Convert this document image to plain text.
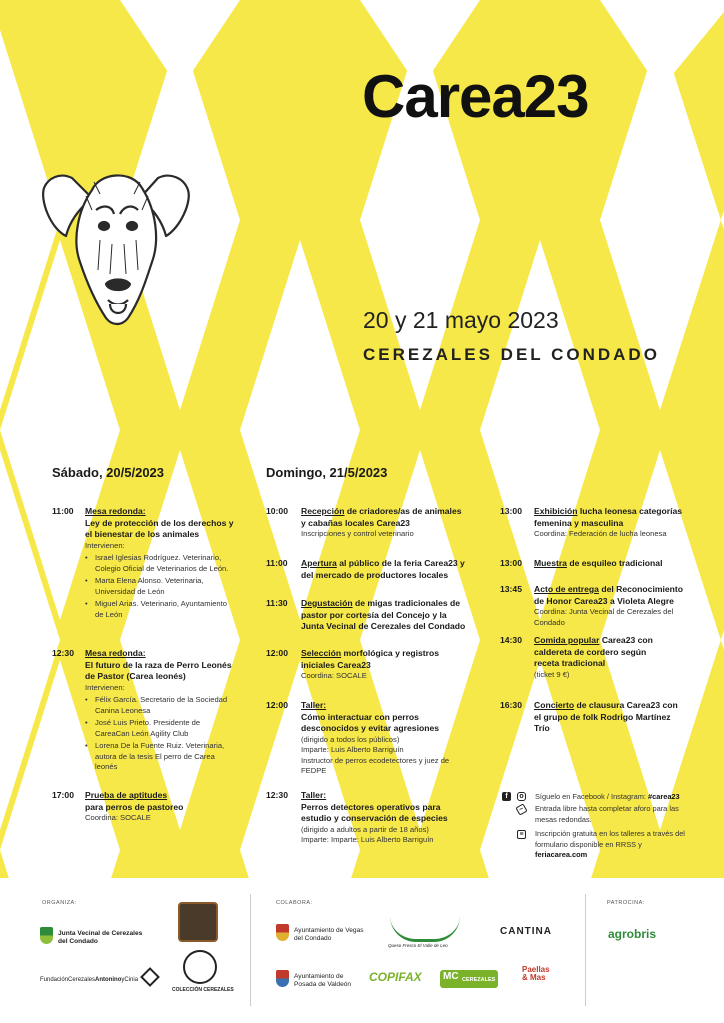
Carea23
20 y 21 mayo 2023
CEREZALES DEL CONDADO
Sábado, 20/5/2023	Domingo, 21/5/2023
11:00 Mesa redonda:
Ley de protección de los derechos y el bienestar de los animales
Intervienen:
• Israel Iglesias Rodríguez. Veterinario, Colegio Oficial de Veterinarios de León.
• Marta Elena Alonso. Veterinaria, Universidad de León
• Miguel Arias. Veterinario, Ayuntamiento de León
12:30 Mesa redonda:
El futuro de la raza de Perro Leonés de Pastor (Carea leonés)
Intervienen:
• Félix García. Secretario de la Sociedad Canina Leonesa
• José Luis Prieto. Presidente de CareaCan León Agility Club
• Lorena De la Fuente Ruiz. Veterinaria, autora de la tesis El perro de Carea leonés
17:00 Prueba de aptitudes
para perros de pastoreo
Coordina: SOCALE
10:00 Recepción de criadores/as de animales y cabañas locales Carea23
Inscripciones y control veterinario
11:00 Apertura al público de la feria Carea23 y del mercado de productores locales
11:30 Degustación de migas tradicionales de pastor por cortesía del Concejo y la Junta Vecinal de Cerezales del Condado
12:00 Selección morfológica y registros iniciales Carea23
Coordina: SOCALE
12:00 Taller:
Cómo interactuar con perros desconocidos y evitar agresiones
(dirigido a todos los públicos)
Imparte: Luis Alberto Barriguín
Instructor de perros ecodetectores y juez de FEDPE
12:30 Taller:
Perros detectores operativos para estudio y conservación de especies
(dirigido a adultos a partir de 18 años)
Imparte: Imparte: Luis Alberto Barriguín
13:00 Exhibición lucha leonesa categorías femenina y masculina
Coordina: Federación de lucha leonesa
13:00 Muestra de esquileo tradicional
13:45 Acto de entrega del Reconocimiento de Honor Carea23 a Violeta Alegre
Coordina: Junta Vecinal de Cerezales del Condado
14:30 Comida popular Carea23 con caldereta de cordero según receta tradicional
(ticket 9 €)
16:30 Concierto de clausura Carea23 con el grupo de folk Rodrigo Martínez Trío
f	o	Síguelo en Facebook / Instagram: #carea23
~	Entrada libre hasta completar aforo para las mesas redondas.
≡	Inscripción gratuita en los talleres a través del formulario disponible en RRSS y feriacarea.com
ORGANIZA:	COLABORA:	PATROCINA:
Junta Vecinal de Cerezales del Condado
FundaciónCerezalesAntoninoyCinia
COLECCIÓN CEREZALES
Ayuntamiento de Vegas del Condado
Ayuntamiento de Posada de Valdeón
Queso Fresco El Valle de Leo
CANTINA
COPIFAX MC CEREZALES
Paellas
& Mas
agrobris
